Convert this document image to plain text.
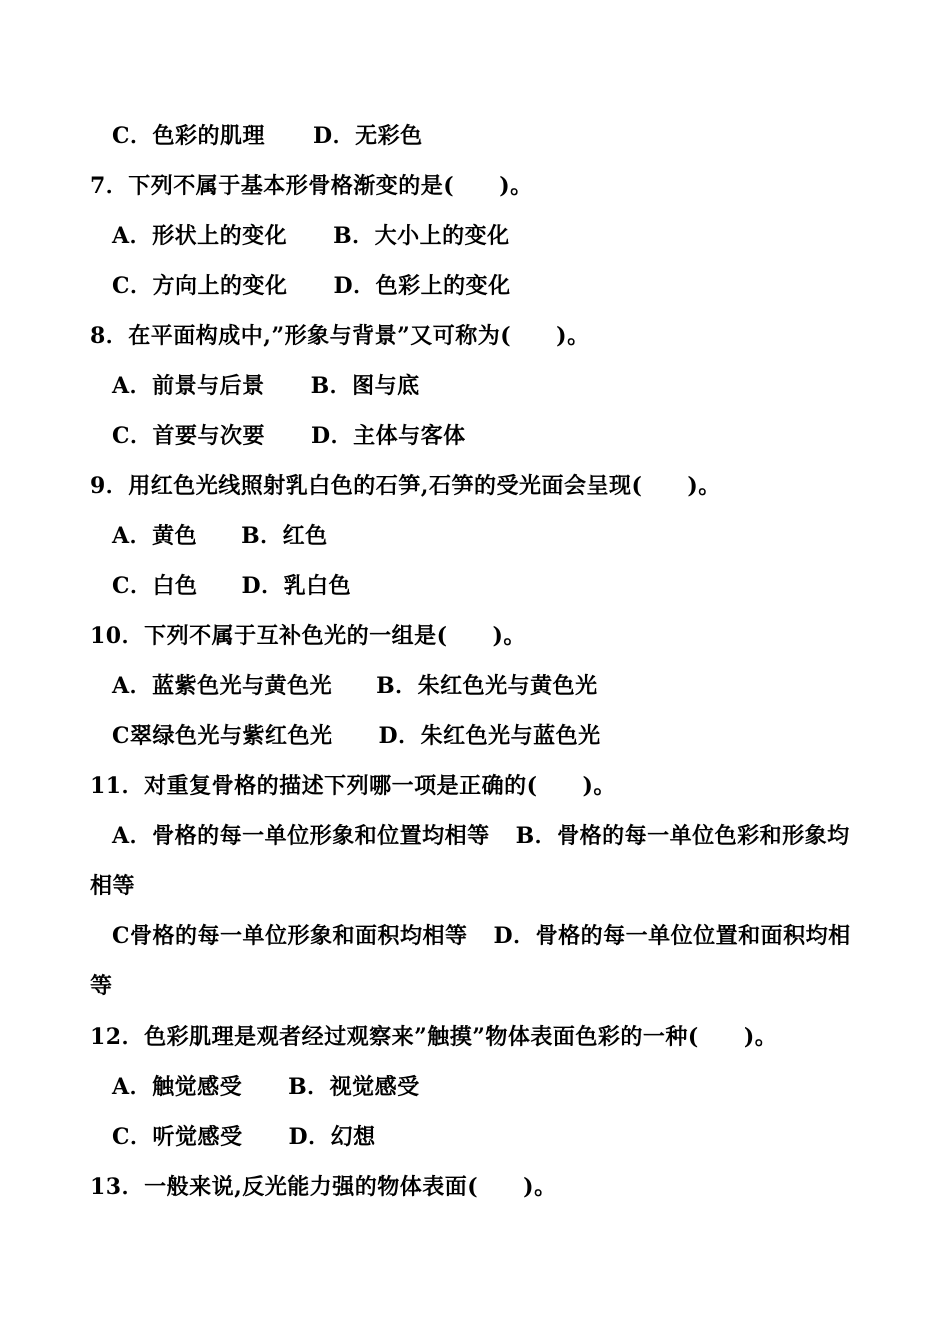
C．色彩的肌理 D．无彩色
7．下列不属于基本形骨格渐变的是(　　)。
A．形状上的变化 B．大小上的变化
C．方向上的变化 D．色彩上的变化
8．在平面构成中,”形象与背景”又可称为(　　)。
A．前景与后景 B．图与底
C．首要与次要 D．主体与客体
9．用红色光线照射乳白色的石笋,石笋的受光面会呈现(　　)。
A．黄色 B．红色
C．白色 D．乳白色
10．下列不属于互补色光的一组是(　　)。
A．蓝紫色光与黄色光 B．朱红色光与黄色光
C翠绿色光与紫红色光 D．朱红色光与蓝色光
11．对重复骨格的描述下列哪一项是正确的(　　)。
A．骨格的每一单位形象和位置均相等 B．骨格的每一单位色彩和形象均
相等
C骨格的每一单位形象和面积均相等 D．骨格的每一单位位置和面积均相
等
12．色彩肌理是观者经过观察来”触摸”物体表面色彩的一种(　　)。
A．触觉感受 B．视觉感受
C．听觉感受 D．幻想
13．一般来说,反光能力强的物体表面(　　)。
